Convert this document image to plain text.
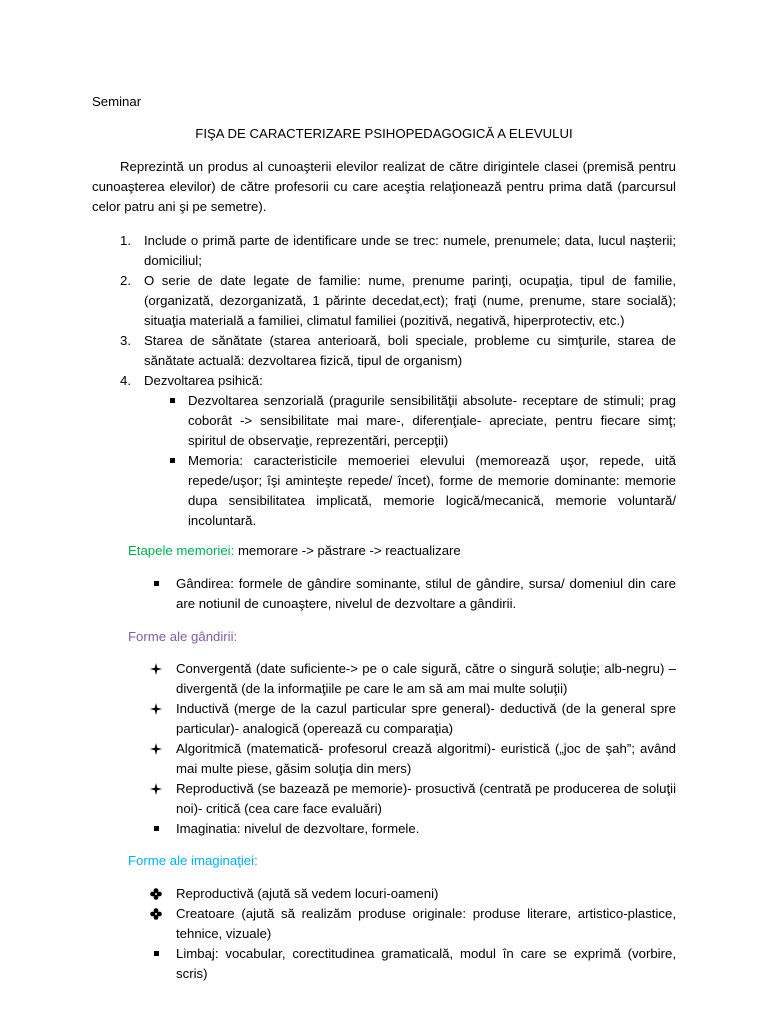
Seminar

FIŞA DE CARACTERIZARE PSIHOPEDAGOGICĂ A ELEVULUI

Reprezintă un produs al cunoaşterii elevilor realizat de către dirigintele clasei (premisă pentru cunoaşterea elevilor) de către profesorii cu care aceştia relaţionează pentru prima dată (parcursul celor patru ani şi pe semetre).

1. Include o primă parte de identificare unde se trec: numele, prenumele; data, lucul naşterii; domiciliul;
2. O serie de date legate de familie: nume, prenume parinţi, ocupaţia, tipul de familie, (organizată, dezorganizată, 1 părinte decedat,ect); fraţi (nume, prenume, stare socială); situaţia materială a familiei, climatul familiei (pozitivă, negativă, hiperprotectiv, etc.)
3. Starea de sănătate (starea anterioară, boli speciale, probleme cu simţurile, starea de sănătate actuală: dezvoltarea fizică, tipul de organism)
4. Dezvoltarea psihică:
Dezvoltarea senzorială (pragurile sensibilităţii absolute- receptare de stimuli; prag coborât -> sensibilitate mai mare-, diferenţiale- apreciate, pentru fiecare simţ; spiritul de observaţie, reprezentări, percepţii)
Memoria: caracteristicile memoeriei elevului (memorează uşor, repede, uită repede/uşor; îşi aminteşte repede/ încet), forme de memorie dominante: memorie dupa sensibilitatea implicată, memorie logică/mecanică, memorie voluntară/ incoluntară.

Etapele memoriei: memorare -> păstrare -> reactualizare

Gândirea: formele de gândire sominante, stilul de gândire, sursa/ domeniul din care are notiunil de cunoaştere, nivelul de dezvoltare a gândirii.

Forme ale gândirii:

Convergentă (date suficiente-> pe o cale sigură, către o singură soluţie; alb-negru) – divergentă (de la informaţiile pe care le am să am mai multe soluţii)
Inductivă (merge de la cazul particular spre general)- deductivă (de la general spre particular)- analogică (operează cu comparaţia)
Algoritmică (matematică- profesorul crează algoritmi)- euristică („joc de şah”; având mai multe piese, găsim soluţia din mers)
Reproductivă (se bazează pe memorie)- prosuctivă (centrată pe producerea de soluţii noi)- critică (cea care face evaluări)
Imaginatia: nivelul de dezvoltare, formele.

Forme ale imaginaţiei:

Reproductivă (ajută să vedem locuri-oameni)
Creatoare (ajută să realizăm produse originale: produse literare, artistico-plastice, tehnice, vizuale)
Limbaj: vocabular, corectitudinea gramaticală, modul în care se exprimă (vorbire, scris)
